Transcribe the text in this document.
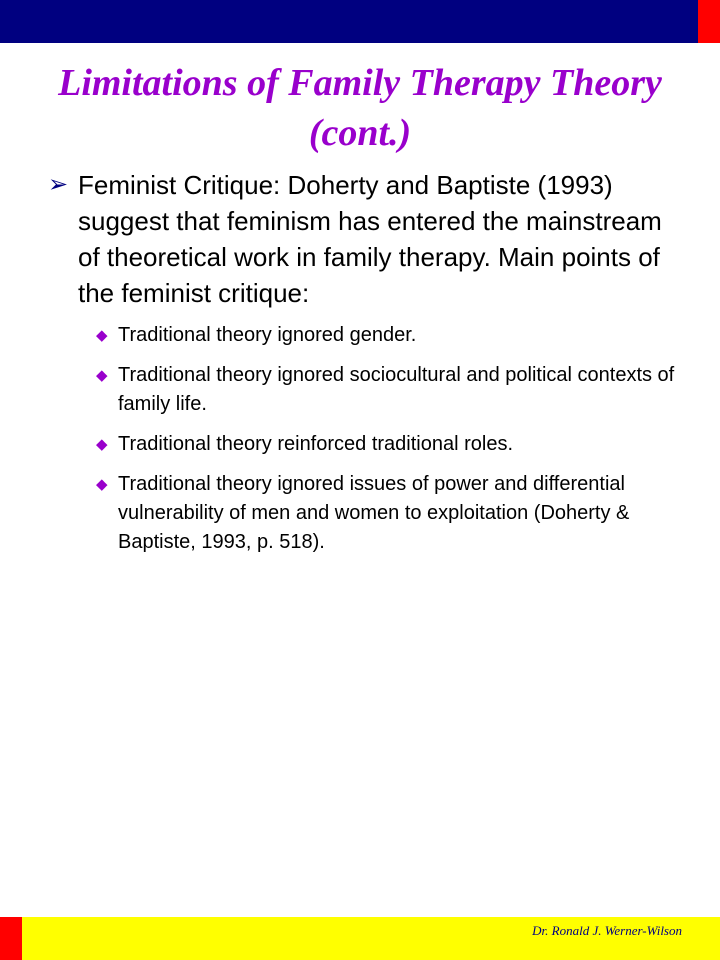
Limitations of Family Therapy Theory (cont.)
➢ Feminist Critique: Doherty and Baptiste (1993) suggest that feminism has entered the mainstream of theoretical work in family therapy. Main points of the feminist critique:
◆ Traditional theory ignored gender.
◆ Traditional theory ignored sociocultural and political contexts of family life.
◆ Traditional theory reinforced traditional roles.
◆ Traditional theory ignored issues of power and differential vulnerability of men and women to exploitation (Doherty & Baptiste, 1993, p. 518).
Dr. Ronald J. Werner-Wilson
